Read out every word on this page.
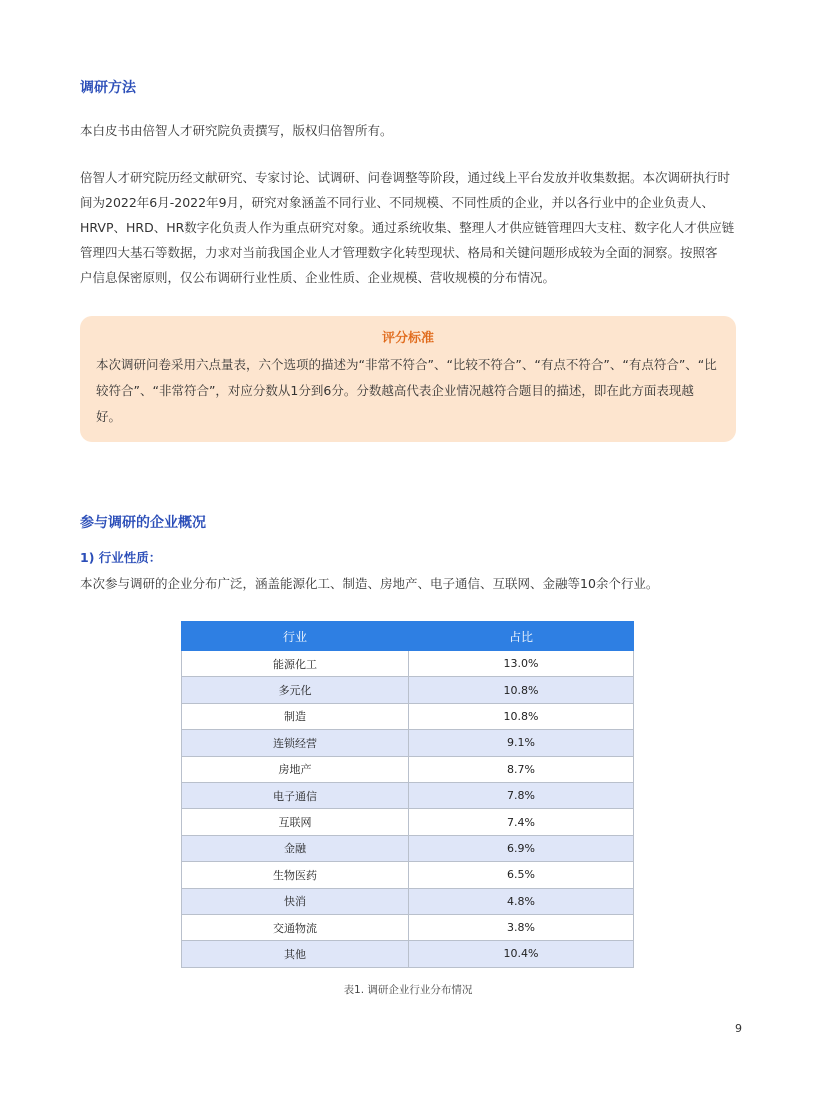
调研方法

本白皮书由倍智人才研究院负责撰写，版权归倍智所有。

倍智人才研究院历经文献研究、专家讨论、试调研、问卷调整等阶段，通过线上平台发放并收集数据。本次调研执行时
间为2022年6月-2022年9月，研究对象涵盖不同行业、不同规模、不同性质的企业，并以各行业中的企业负责人、
HRVP、HRD、HR数字化负责人作为重点研究对象。通过系统收集、整理人才供应链管理四大支柱、数字化人才供应链
管理四大基石等数据，力求对当前我国企业人才管理数字化转型现状、格局和关键问题形成较为全面的洞察。按照客
户信息保密原则，仅公布调研行业性质、企业性质、企业规模、营收规模的分布情况。

评分标准

本次调研问卷采用六点量表，六个选项的描述为“非常不符合”、“比较不符合”、“有点不符合”、“有点符合”、“比
较符合”、“非常符合”，对应分数从1分到6分。分数越高代表企业情况越符合题目的描述，即在此方面表现越
好。
参与调研的企业概况

1) 行业性质：

本次参与调研的企业分布广泛，涵盖能源化工、制造、房地产、电子通信、互联网、金融等10余个行业。

行业	占比
能源化工	13.0%
多元化	10.8%
制造	10.8%
连锁经营	9.1%
房地产	8.7%
电子通信	7.8%
互联网	7.4%
金融	6.9%
生物医药	6.5%
快消	4.8%
交通物流	3.8%
其他	10.4%

表1. 调研企业行业分布情况

9
